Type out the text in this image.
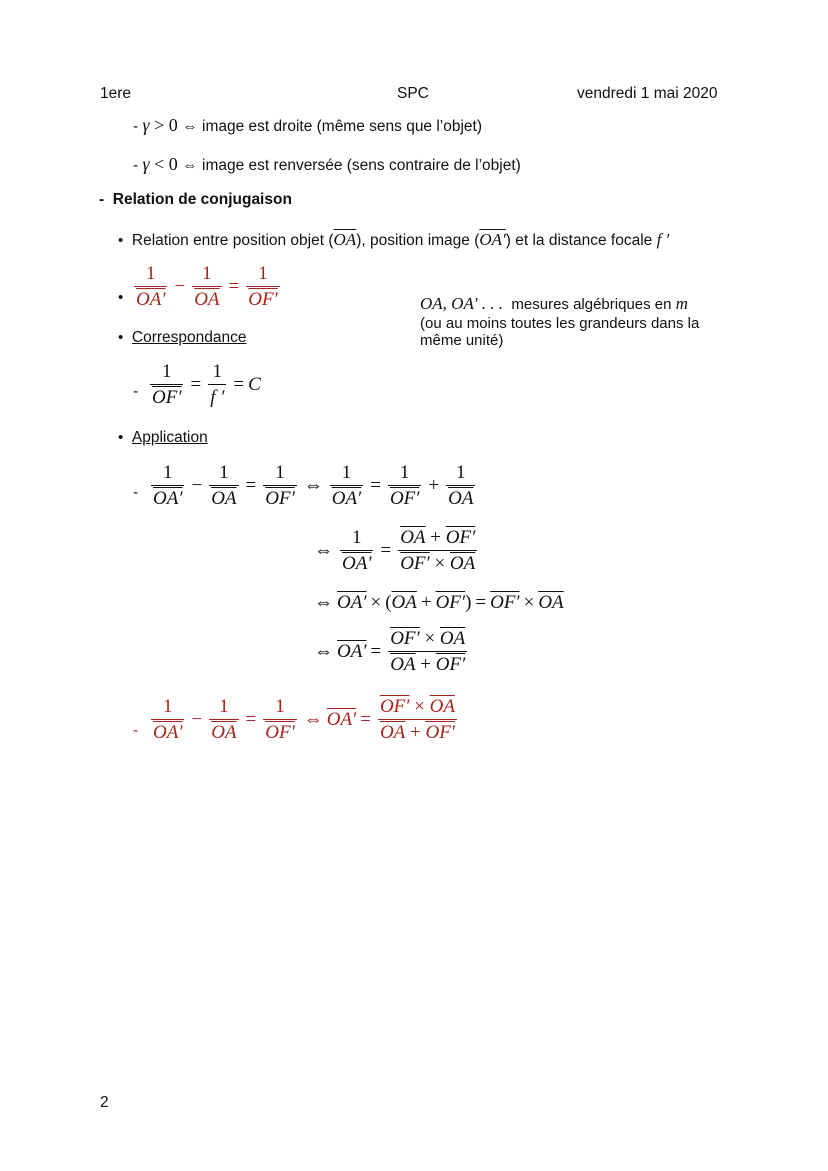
1ere	SPC	vendredi 1 mai 2020
- γ > 0 ⇔ image est droite (même sens que l’objet)
- γ < 0 ⇔ image est renversée (sens contraire de l’objet)
- Relation de conjugaison
• Relation entre position objet $(\overline{OA})$, position image (OA′) et la distance focale f ′
• $\frac{1}{OA'} - \frac{1}{OA} = \frac{1}{OF'}$	OA, OA′ . . . mesures algébriques en m
(ou au moins toutes les grandeurs dans la
même unité)
• Correspondance
- $\frac{1}{OF'} = \frac{1}{f '} = C$
• Application
- $\frac{1}{OA'} - \frac{1}{OA} = \frac{1}{OF'}$ ⇔ $\frac{1}{OA'} = \frac{1}{OF'} + \frac{1}{OA}$
⇔ $\frac{1}{OA'} = \frac{\overline{OA} + OF'}{OF' \times \overline{OA}}$
⇔ OA′ × ( $\overline{OA} + OF'$ ) = $OF' \times \overline{OA}$
⇔ $OA' = \frac{OF' \times \overline{OA}}{\overline{OA} + OF'}$
- $\frac{1}{OA'} - \frac{1}{OA} = \frac{1}{OF'}$ ⇔ $OA' = \frac{OF' \times \overline{OA}}{\overline{OA} + OF'}$
2
